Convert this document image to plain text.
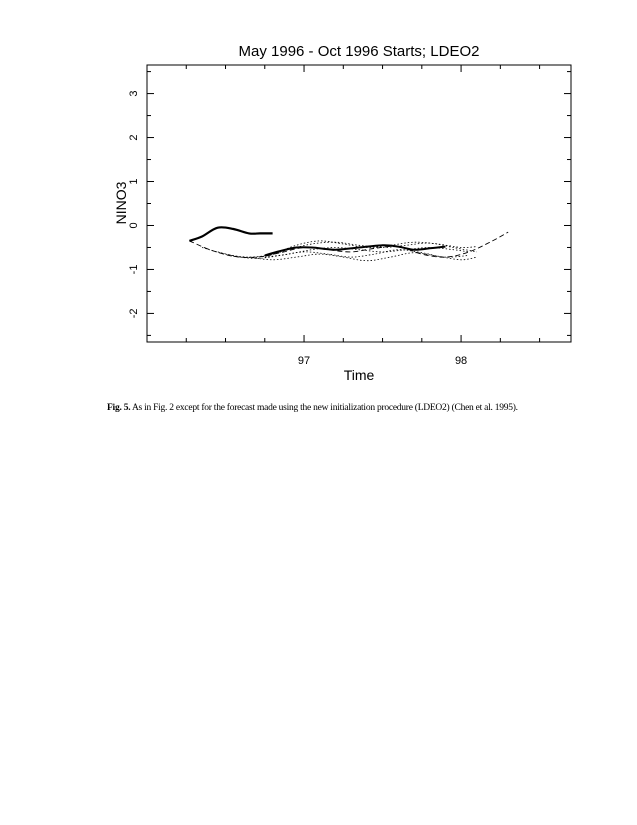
May 1996 - Oct 1996 Starts; LDEO2
-2
-1
0
1
2
3
97	98
Time
NINO3
Fig. 5. As in Fig. 2 except for the forecast made using the new initialization procedure (LDEO2) (Chen et al. 1995).
